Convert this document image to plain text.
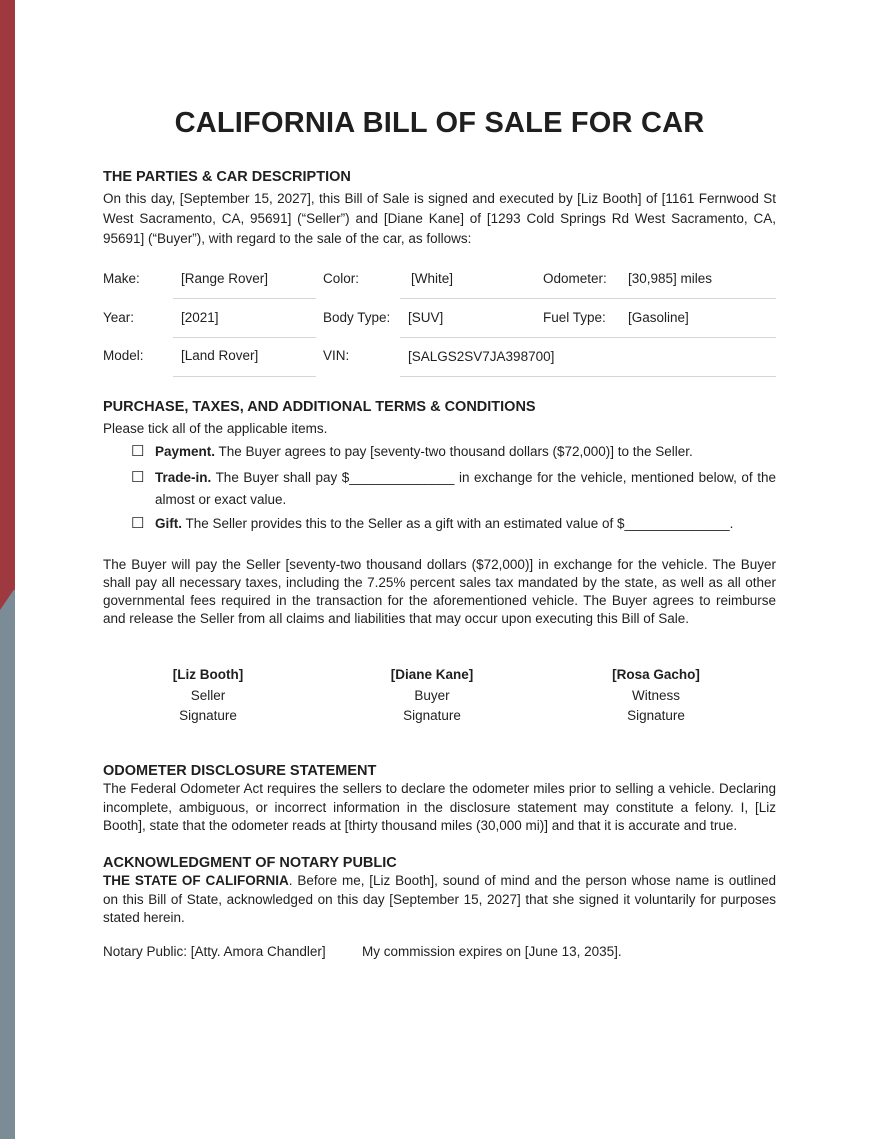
CALIFORNIA BILL OF SALE FOR CAR
THE PARTIES & CAR DESCRIPTION

On this day, [September 15, 2027], this Bill of Sale is signed and executed by [Liz Booth] of [1161 Fernwood St West Sacramento, CA, 95691] (“Seller”) and [Diane Kane] of [1293 Cold Springs Rd West Sacramento, CA, 95691] (“Buyer”), with regard to the sale of the car, as follows:

Make:	[Range Rover]	Color:	[White]	Odometer: [30,985] miles
Year:	[2021]	Body Type: [SUV]	Fuel Type: [Gasoline]
Model:	[Land Rover]	VIN:	[SALGS2SV7JA398700]
PURCHASE, TAXES, AND ADDITIONAL TERMS & CONDITIONS

Please tick all of the applicable items.

☐ Payment. The Buyer agrees to pay [seventy-two thousand dollars ($72,000)] to the Seller.
☐ Trade-in. The Buyer shall pay $______________ in exchange for the vehicle, mentioned below, of the almost or exact value.
☐ Gift. The Seller provides this to the Seller as a gift with an estimated value of $______________.

The Buyer will pay the Seller [seventy-two thousand dollars ($72,000)] in exchange for the vehicle. The Buyer shall pay all necessary taxes, including the 7.25% percent sales tax mandated by the state, as well as all other governmental fees required in the transaction for the aforementioned vehicle. The Buyer agrees to reimburse and release the Seller from all claims and liabilities that may occur upon executing this Bill of Sale.

[Liz Booth]
Seller
Signature
[Diane Kane]
Buyer
Signature
[Rosa Gacho]
Witness
Signature
ODOMETER DISCLOSURE STATEMENT

The Federal Odometer Act requires the sellers to declare the odometer miles prior to selling a vehicle. Declaring incomplete, ambiguous, or incorrect information in the disclosure statement may constitute a felony. I, [Liz Booth], state that the odometer reads at [thirty thousand miles (30,000 mi)] and that it is accurate and true.

ACKNOWLEDGMENT OF NOTARY PUBLIC

THE STATE OF CALIFORNIA. Before me, [Liz Booth], sound of mind and the person whose name is outlined on this Bill of State, acknowledged on this day [September 15, 2027] that she signed it voluntarily for purposes stated herein.

Notary Public: [Atty. Amora Chandler]	My commission expires on [June 13, 2035].
